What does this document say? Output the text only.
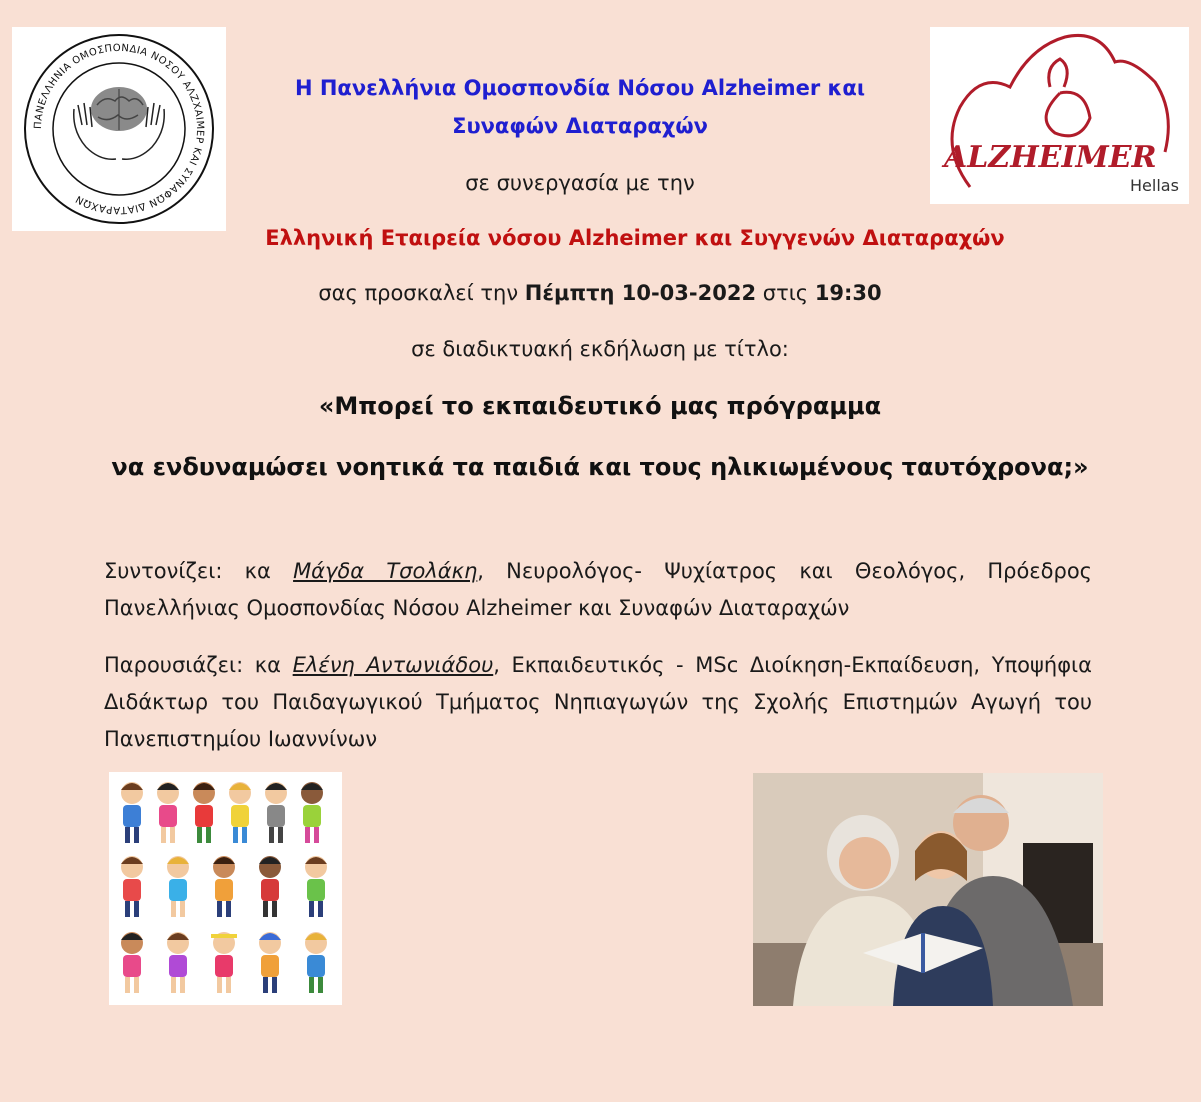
ΠΑΝΕΛΛΗΝΙΑ ΟΜΟΣΠΟΝΔΙΑ ΝΟΣΟΥ ΑΛΖΧΑΙΜΕΡ ΚΑΙ ΣΥΝΑΦΩΝ ΔΙΑΤΑΡΑΧΩΝ
ALZHEIMER
Hellas
Η Πανελλήνια Ομοσπονδία Νόσου Alzheimer και
Συναφών Διαταραχών
σε συνεργασία με την
Ελληνική Εταιρεία νόσου Alzheimer και Συγγενών Διαταραχών
σας προσκαλεί την Πέμπτη 10-03-2022 στις 19:30
σε διαδικτυακή εκδήλωση με τίτλο:
«Μπορεί το εκπαιδευτικό μας πρόγραμμα
να ενδυναμώσει νοητικά τα παιδιά και τους ηλικιωμένους ταυτόχρονα;»
Συντονίζει: κα Μάγδα Τσολάκη, Νευρολόγος- Ψυχίατρος και Θεολόγος, Πρόεδρος Πανελλήνιας Ομοσπονδίας Νόσου Alzheimer και Συναφών Διαταραχών
Παρουσιάζει: κα Ελένη Αντωνιάδου, Εκπαιδευτικός - MSc Διοίκηση-Εκπαίδευση, Υποψήφια Διδάκτωρ του Παιδαγωγικού Τμήματος Νηπιαγωγών της Σχολής Επιστημών Αγωγή του Πανεπιστημίου Ιωαννίνων
